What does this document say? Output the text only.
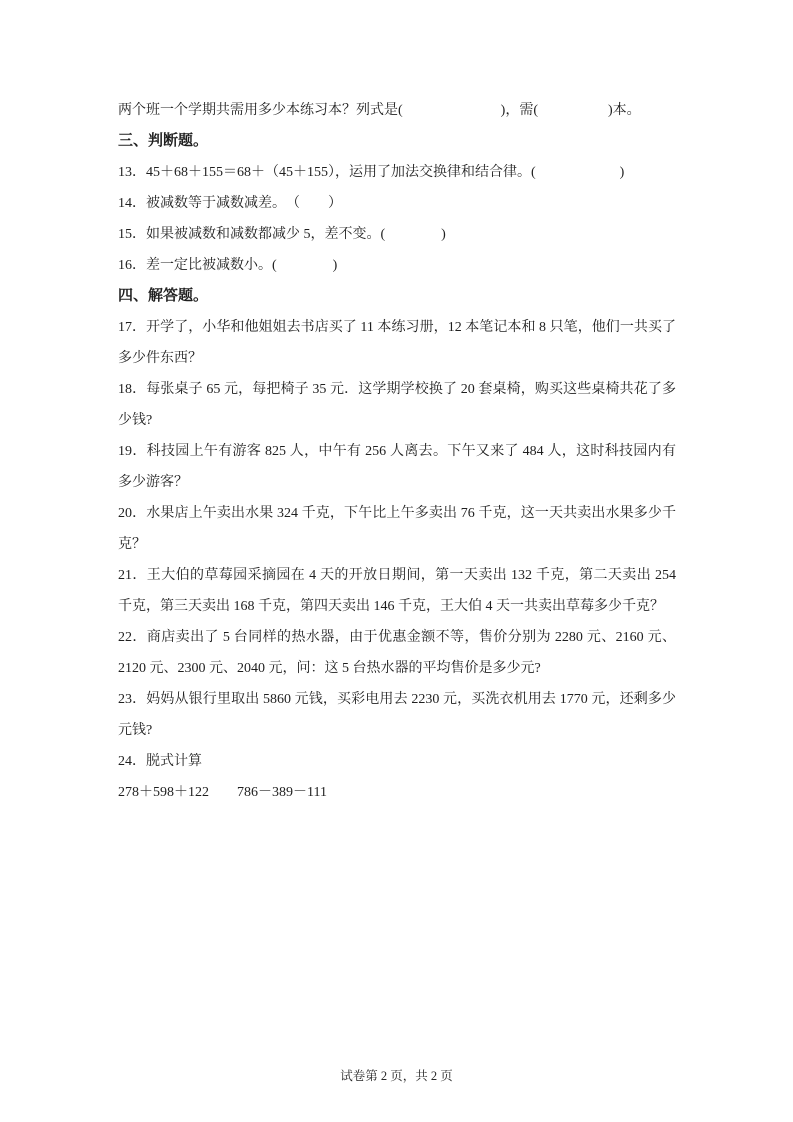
两个班一个学期共需用多少本练习本？列式是(　　　　　　　)，需(　　　　　)本。

三、判断题。

13．45＋68＋155＝68＋（45＋155），运用了加法交换律和结合律。(　　　　　　)

14．被减数等于减数减差。　（　　）

15．如果被减数和减数都减少 5，差不变。(　　　　)

16．差一定比被减数小。(　　　　)

四、解答题。

17．开学了，小华和他姐姐去书店买了 11 本练习册，12 本笔记本和 8 只笔，他们一共买了多少件东西？

18．每张桌子 65 元，每把椅子 35 元．这学期学校换了 20 套桌椅，购买这些桌椅共花了多少钱?

19．科技园上午有游客 825 人，中午有 256 人离去。下午又来了 484 人，这时科技园内有多少游客？

20．水果店上午卖出水果 324 千克，下午比上午多卖出 76 千克，这一天共卖出水果多少千克？

21．王大伯的草莓园采摘园在 4 天的开放日期间，第一天卖出 132 千克，第二天卖出 254 千克，第三天卖出 168 千克，第四天卖出 146 千克，王大伯 4 天一共卖出草莓多少千克？

22．商店卖出了 5 台同样的热水器，由于优惠金额不等，售价分别为 2280 元、2160 元、2120 元、2300 元、2040 元，问：这 5 台热水器的平均售价是多少元?

23．妈妈从银行里取出 5860 元钱，买彩电用去 2230 元，买洗衣机用去 1770 元，还剩多少元钱?

24．脱式计算

278＋598＋122 786－389－111

试卷第 2 页，共 2 页
